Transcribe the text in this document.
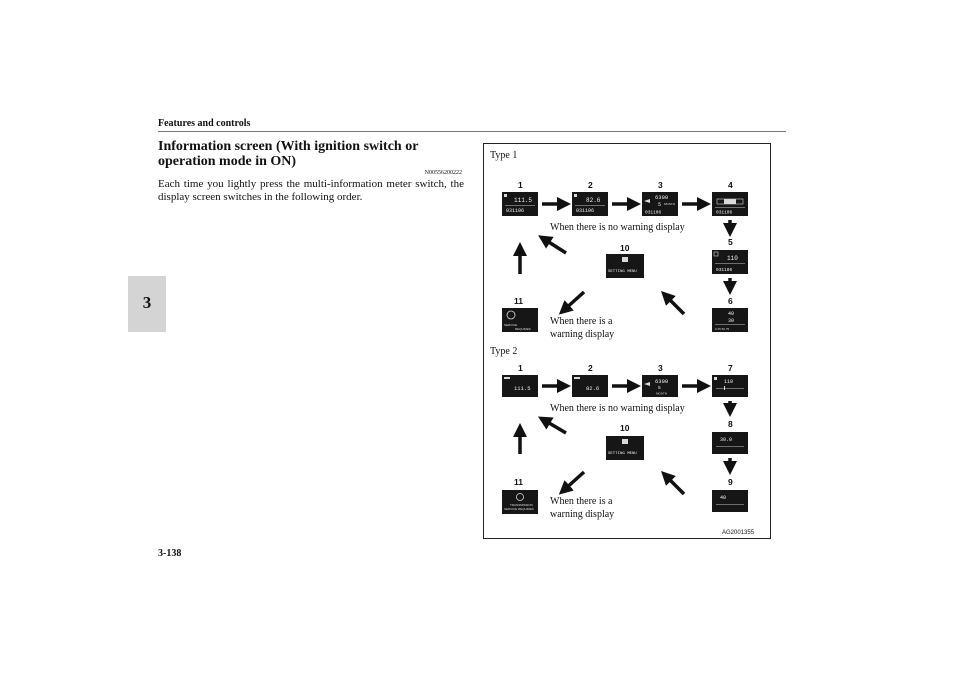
Features and controls
3
Information screen (With ignition switch or operation mode in ON)
N00556200222
Each time you lightly press the multi-information meter switch, the display screen switches in the following order.
Type 1
1	2	3	4
5
6
10
11
111.5
031106
82.6
031106
6300
5 MONTH
031106	031106
110
031106
40
30
0 25 50 75
SETTING MENU
SERVICE
REQUIRED
When there is no warning display
When there is a
warning display
Type 2
1	2	3	7
8
9
10
11
111.5	82.6
6300
5
MONTH
110
30.0
40
SETTING MENU
TRANSMISSION
SERVICE REQUIRED
When there is no warning display
When there is a
warning display
AG2001355
3-138
